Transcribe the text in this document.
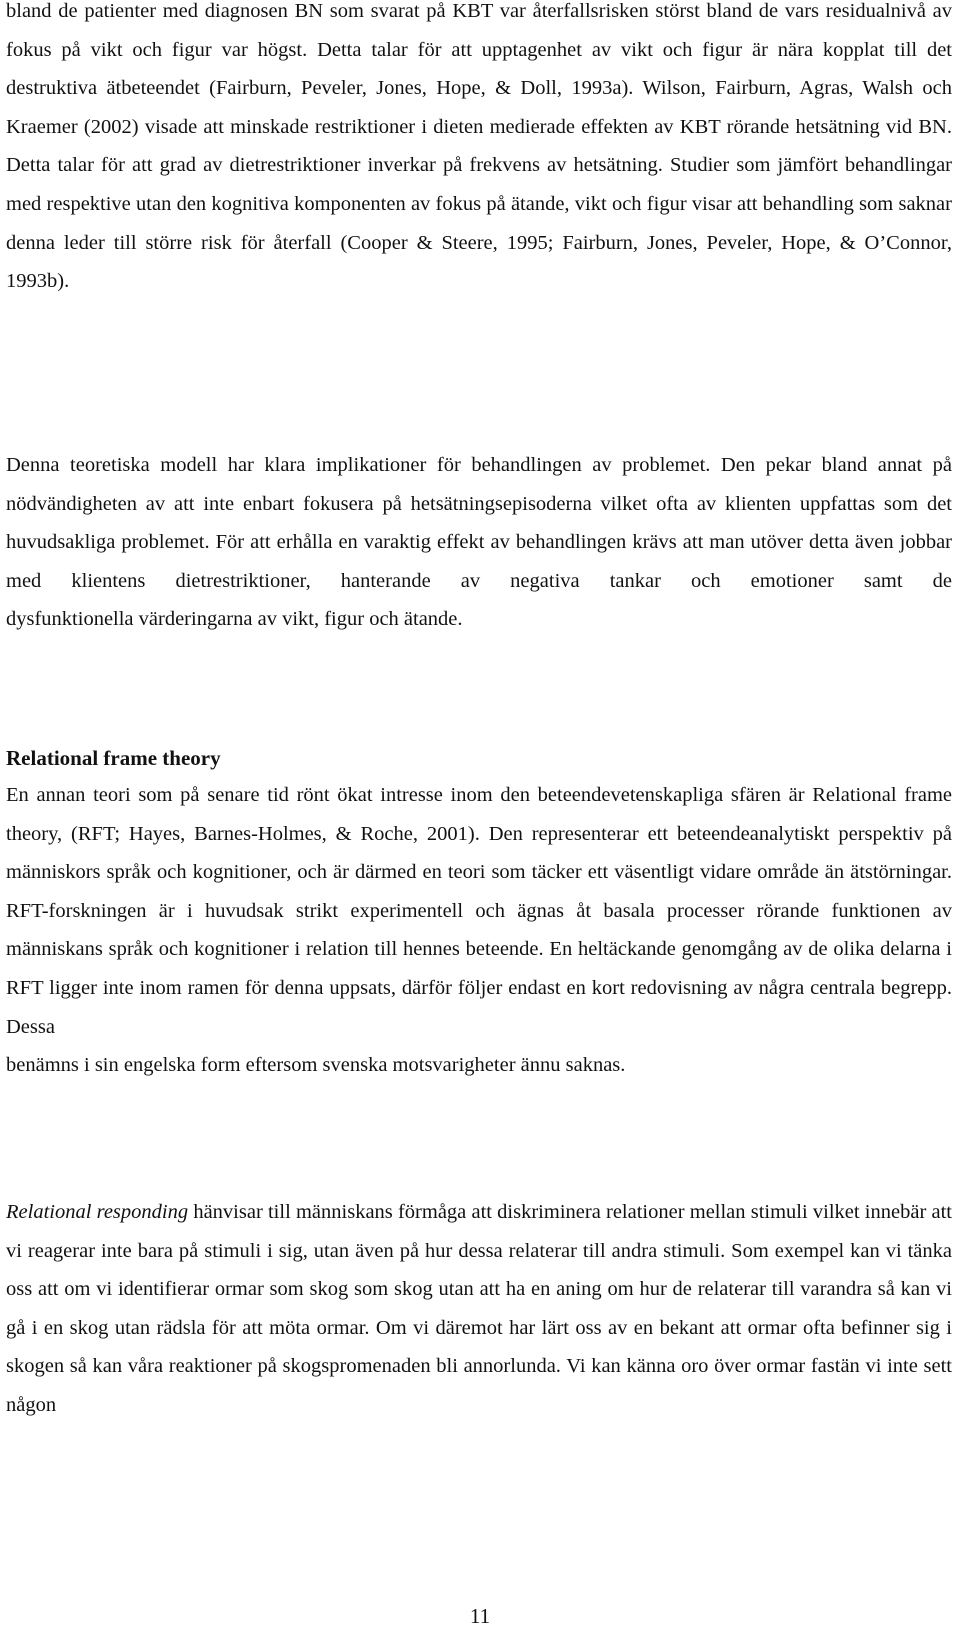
bland de patienter med diagnosen BN som svarat på KBT var återfallsrisken störst bland de vars residualnivå av fokus på vikt och figur var högst. Detta talar för att upptagenhet av vikt och figur är nära kopplat till det destruktiva ätbeteendet (Fairburn, Peveler, Jones, Hope, & Doll, 1993a). Wilson, Fairburn, Agras, Walsh och Kraemer (2002) visade att minskade restriktioner i dieten medierade effekten av KBT rörande hetsätning vid BN. Detta talar för att grad av dietrestriktioner inverkar på frekvens av hetsätning. Studier som jämfört behandlingar med respektive utan den kognitiva komponenten av fokus på ätande, vikt och figur visar att behandling som saknar denna leder till större risk för återfall (Cooper & Steere, 1995; Fairburn, Jones, Peveler, Hope, & O’Connor,
1993b).

Denna teoretiska modell har klara implikationer för behandlingen av problemet. Den pekar bland annat på nödvändigheten av att inte enbart fokusera på hetsätningsepisoderna vilket ofta av klienten uppfattas som det huvudsakliga problemet. För att erhålla en varaktig effekt av behandlingen krävs att man utöver detta även jobbar med klientens dietrestriktioner, hanterande av negativa tankar och emotioner samt de
dysfunktionella värderingarna av vikt, figur och ätande.

Relational frame theory

En annan teori som på senare tid rönt ökat intresse inom den beteendevetenskapliga sfären är Relational frame theory, (RFT; Hayes, Barnes-Holmes, & Roche, 2001). Den representerar ett beteendeanalytiskt perspektiv på människors språk och kognitioner, och är därmed en teori som täcker ett väsentligt vidare område än ätstörningar. RFT-forskningen är i huvudsak strikt experimentell och ägnas åt basala processer rörande funktionen av människans språk och kognitioner i relation till hennes beteende. En heltäckande genomgång av de olika delarna i RFT ligger inte inom ramen för denna uppsats, därför följer endast en kort redovisning av några centrala begrepp. Dessa
benämns i sin engelska form eftersom svenska motsvarigheter ännu saknas.

Relational responding hänvisar till människans förmåga att diskriminera relationer mellan stimuli vilket innebär att vi reagerar inte bara på stimuli i sig, utan även på hur dessa relaterar till andra stimuli. Som exempel kan vi tänka oss att om vi identifierar ormar som skog som skog utan att ha en aning om hur de relaterar till varandra så kan vi gå i en skog utan rädsla för att möta ormar. Om vi däremot har lärt oss av en bekant att ormar ofta befinner sig i skogen så kan våra reaktioner på skogspromenaden bli annorlunda. Vi kan känna oro över ormar fastän vi inte sett någon

11
